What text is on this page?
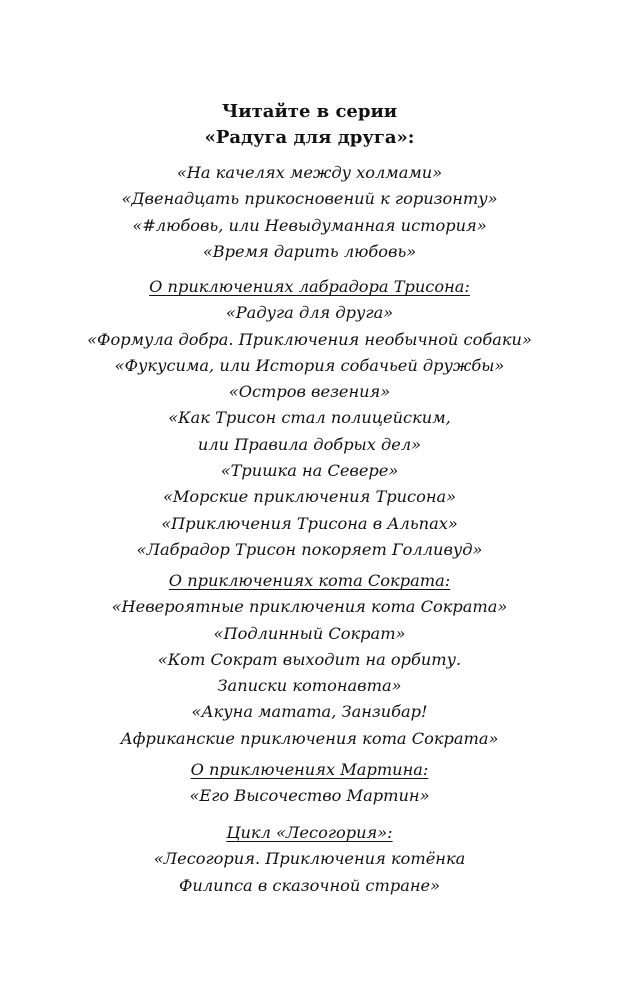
Читайте в серии
«Радуга для друга»:
«На качелях между холмами»
«Двенадцать прикосновений к горизонту»
«#любовь, или Невыдуманная история»
«Время дарить любовь»
О приключениях лабрадора Трисона:
«Радуга для друга»
«Формула добра. Приключения необычной собаки»
«Фукусима, или История собачьей дружбы»
«Остров везения»
«Как Трисон стал полицейским,
или Правила добрых дел»
«Тришка на Севере»
«Морские приключения Трисона»
«Приключения Трисона в Альпах»
«Лабрадор Трисон покоряет Голливуд»
О приключениях кота Сократа:
«Невероятные приключения кота Сократа»
«Подлинный Сократ»
«Кот Сократ выходит на орбиту.
Записки котонавта»
«Акуна матата, Занзибар!
Африканские приключения кота Сократа»
О приключениях Мартина:
«Его Высочество Мартин»
Цикл «Лесогория»:
«Лесогория. Приключения котёнка
Филипса в сказочной стране»
